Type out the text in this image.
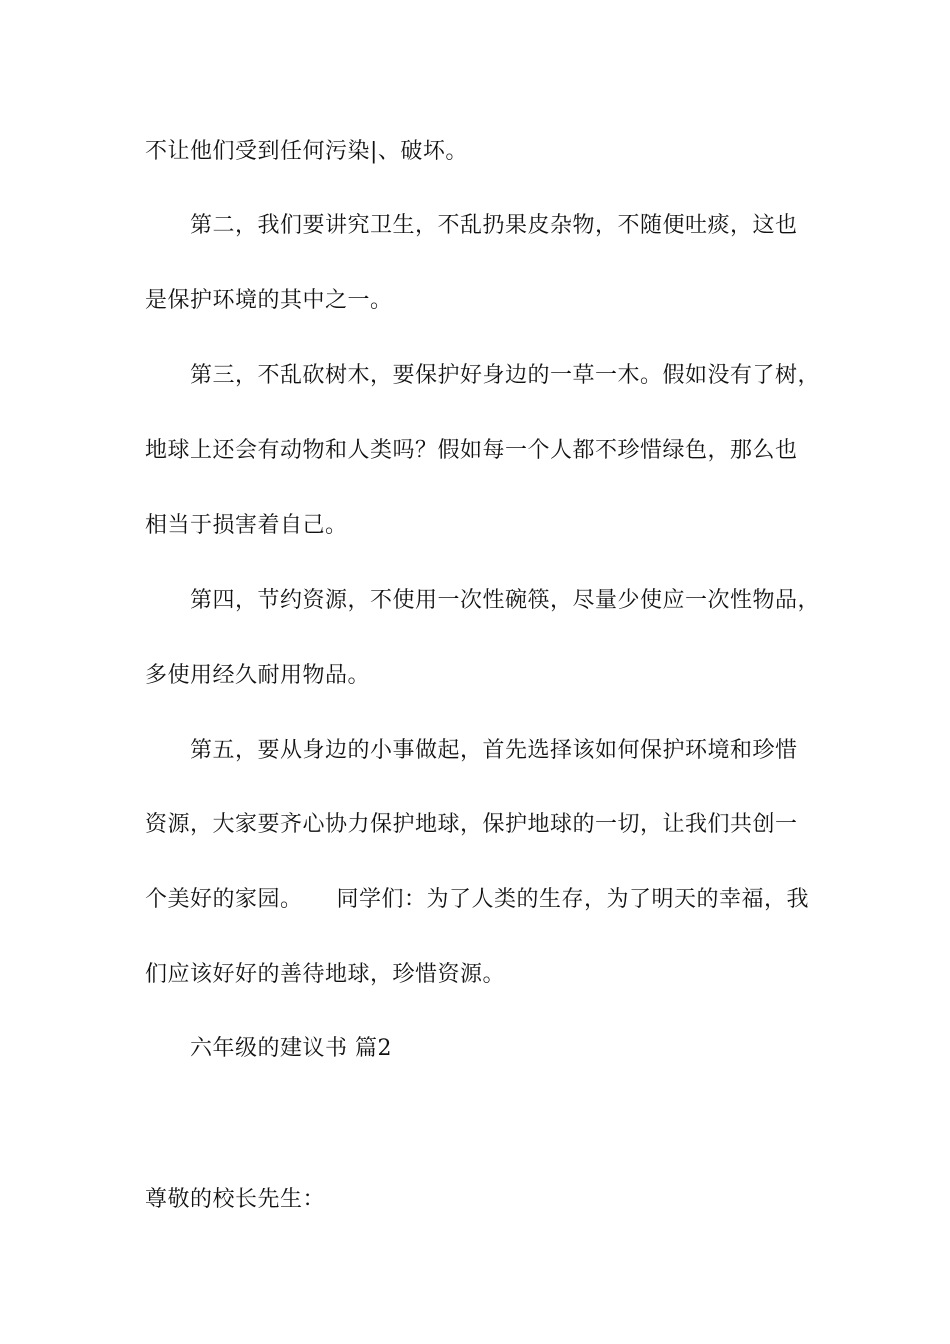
不让他们受到任何污染|、破坏。
第二，我们要讲究卫生，不乱扔果皮杂物，不随便吐痰，这也
是保护环境的其中之一。
第三，不乱砍树木，要保护好身边的一草一木。假如没有了树，
地球上还会有动物和人类吗？假如每一个人都不珍惜绿色，那么也
相当于损害着自己。
第四，节约资源，不使用一次性碗筷，尽量少使应一次性物品，
多使用经久耐用物品。
第五，要从身边的小事做起，首先选择该如何保护环境和珍惜
资源，大家要齐心协力保护地球，保护地球的一切，让我们共创一
个美好的家园。　　同学们：为了人类的生存，为了明天的幸福，我
们应该好好的善待地球，珍惜资源。
六年级的建议书 篇2
尊敬的校长先生：
